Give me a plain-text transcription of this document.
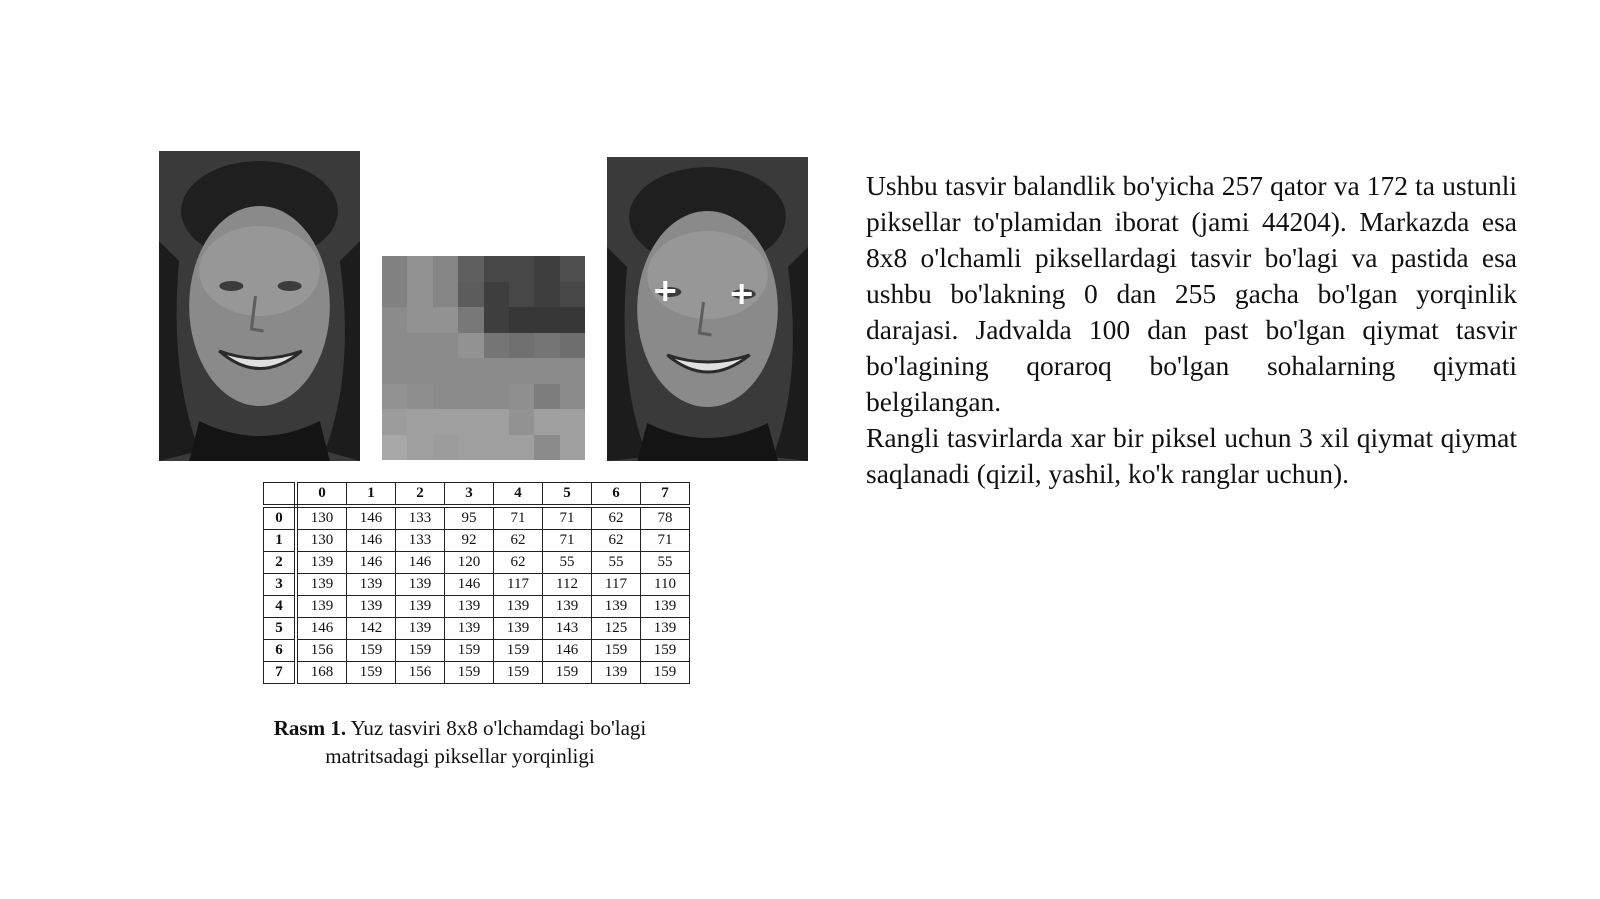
	0	1	2	3	4	5	6	7
0	130	146	133	95	71	71	62	78
1	130	146	133	92	62	71	62	71
2	139	146	146	120	62	55	55	55
3	139	139	139	146	117	112	117	110
4	139	139	139	139	139	139	139	139
5	146	142	139	139	139	143	125	139
6	156	159	159	159	159	146	159	159
7	168	159	156	159	159	159	139	159
Rasm 1. Yuz tasviri 8x8 o'lchamdagi bo'lagi matritsadagi piksellar yorqinligi

Ushbu tasvir balandlik bo'yicha 257 qator va 172 ta ustunli piksellar to'plamidan iborat (jami 44204). Markazda esa 8x8 o'lchamli piksellardagi tasvir bo'lagi va pastida esa ushbu bo'lakning 0 dan 255 gacha bo'lgan yorqinlik darajasi. Jadvalda 100 dan past bo'lgan qiymat tasvir bo'lagining qoraroq bo'lgan sohalarning qiymati belgilangan.

Rangli tasvirlarda xar bir piksel uchun 3 xil qiymat qiymat saqlanadi (qizil, yashil, ko'k ranglar uchun).
